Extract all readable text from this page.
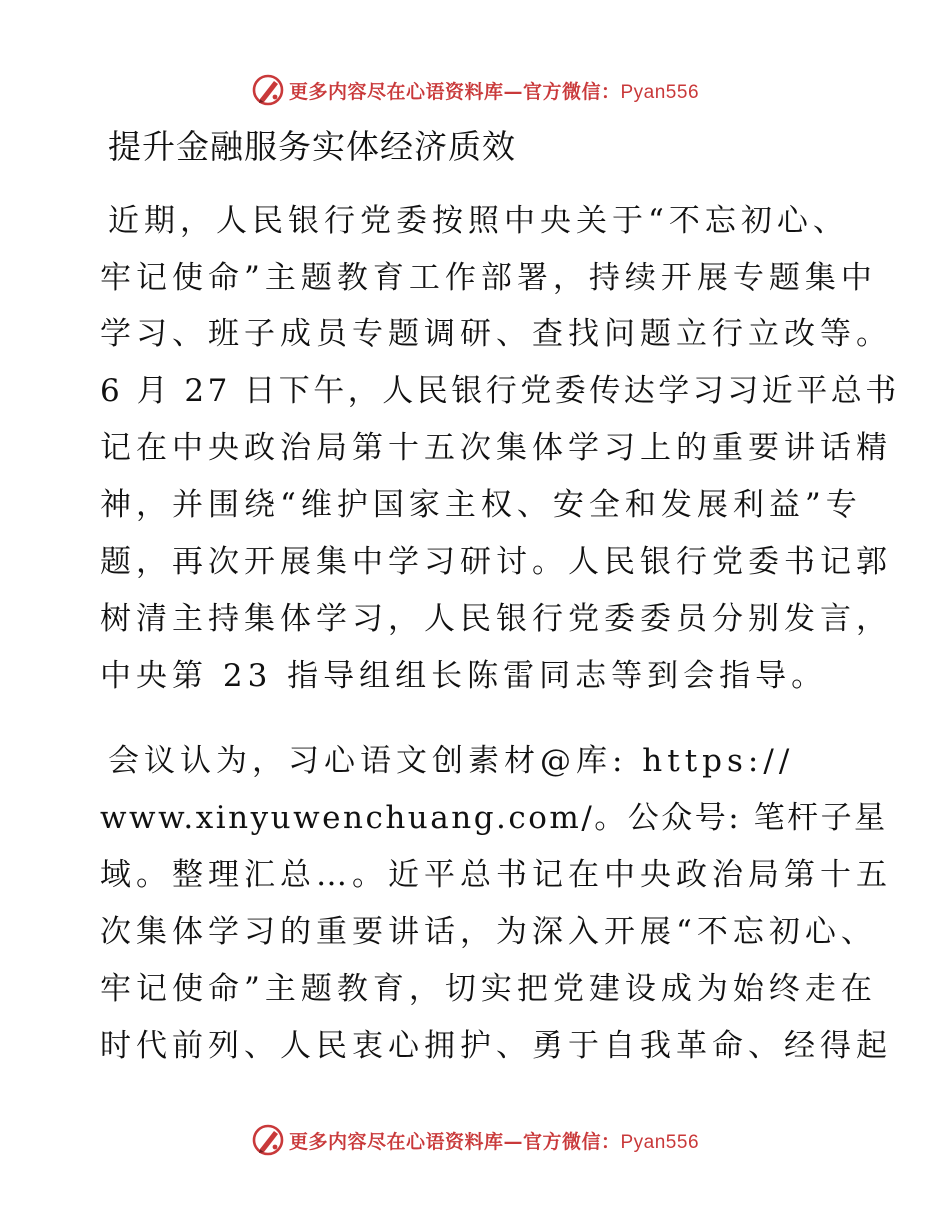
更多内容尽在心语资料库—官方微信：Pyan556
提升金融服务实体经济质效
近期，人民银行党委按照中央关于“不忘初心、
牢记使命”主题教育工作部署，持续开展专题集中
学习、班子成员专题调研、查找问题立行立改等。
6 月 27 日下午，人民银行党委传达学习习近平总书
记在中央政治局第十五次集体学习上的重要讲话精
神，并围绕“维护国家主权、安全和发展利益”专
题，再次开展集中学习研讨。人民银行党委书记郭
树清主持集体学习，人民银行党委委员分别发言，
中央第 23 指导组组长陈雷同志等到会指导。
会议认为，习心语文创素材@库: https://
www.xinyuwenchuang.com/。公众号: 笔杆子星
域。整理汇总…。近平总书记在中央政治局第十五
次集体学习的重要讲话，为深入开展“不忘初心、
牢记使命”主题教育，切实把党建设成为始终走在
时代前列、人民衷心拥护、勇于自我革命、经得起
更多内容尽在心语资料库—官方微信：Pyan556
